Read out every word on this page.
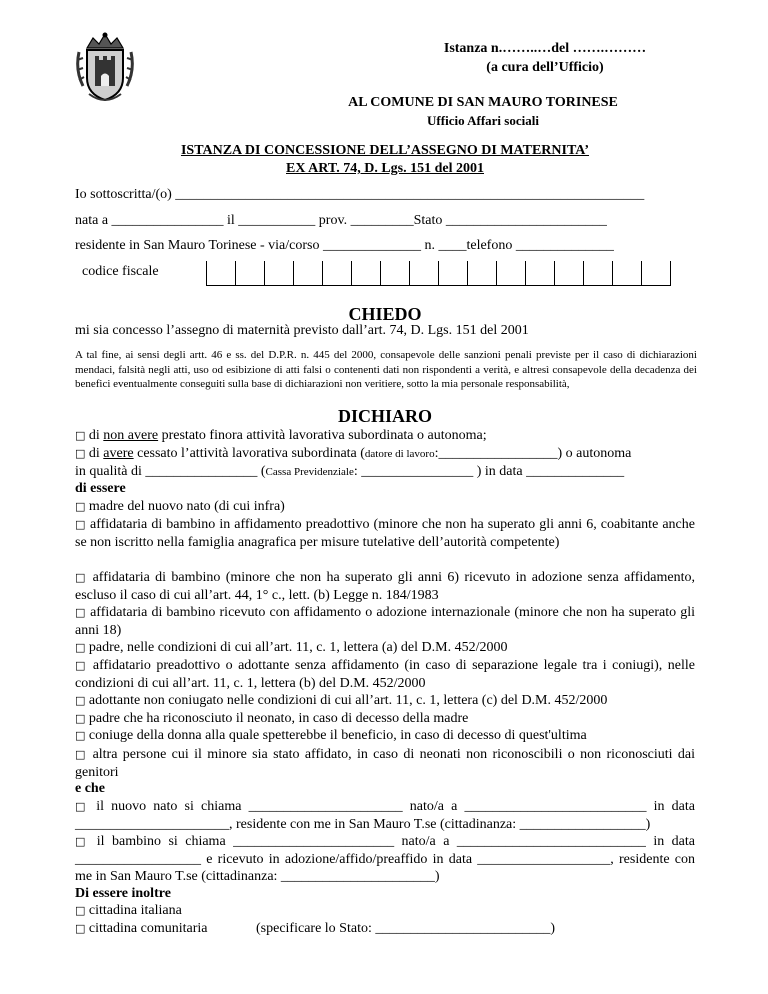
Istanza n.……..…del …….………
(a cura dell’Ufficio)
AL COMUNE DI SAN MAURO TORINESE
Ufficio Affari sociali
ISTANZA DI CONCESSIONE DELL’ASSEGNO DI MATERNITA’
EX ART. 74, D. Lgs. 151 del 2001
Io sottoscritta/(o) ___________________________________________________________________
nata a ________________ il ___________ prov. _________Stato _______________________
residente in San Mauro Torinese - via/corso ______________ n. ____telefono ______________
codice fiscale
CHIEDO
mi sia concesso l’assegno di maternità previsto dall’art. 74, D. Lgs. 151 del 2001
A tal fine, ai sensi degli artt. 46 e ss. del D.P.R. n. 445 del 2000, consapevole delle sanzioni penali previste per il caso di dichiarazioni mendaci, falsità negli atti, uso od esibizione di atti falsi o contenenti dati non rispondenti a verità, e altresì consapevole della decadenza dei benefici eventualmente conseguiti sulla base di dichiarazioni non veritiere, sotto la mia personale responsabilità,
DICHIARO
□ di non avere prestato finora attività lavorativa subordinata o autonoma;
□ di avere cessato l’attività lavorativa subordinata (datore di lavoro:_________________) o autonoma
in qualità di ________________ (Cassa Previdenziale: ________________ ) in data ______________
di essere
□ madre del nuovo nato (di cui infra)
□ affidataria di bambino in affidamento preadottivo (minore che non ha superato gli anni 6, coabitante anche se non iscritto nella famiglia anagrafica per misure tutelative dell’autorità competente)
□ affidataria di bambino (minore che non ha superato gli anni 6) ricevuto in adozione senza affidamento, escluso il caso di cui all’art. 44, 1° c., lett. (b) Legge n. 184/1983
□ affidataria di bambino ricevuto con affidamento o adozione internazionale (minore che non ha superato gli anni 18)
□ padre, nelle condizioni di cui all’art. 11, c. 1, lettera (a) del D.M. 452/2000
□ affidatario preadottivo o adottante senza affidamento (in caso di separazione legale tra i coniugi), nelle condizioni di cui all’art. 11, c. 1, lettera (b) del D.M. 452/2000
□ adottante non coniugato nelle condizioni di cui all’art. 11, c. 1, lettera (c) del D.M. 452/2000
□ padre che ha riconosciuto il neonato, in caso di decesso della madre
□ coniuge della donna alla quale spetterebbe il beneficio, in caso di decesso di quest'ultima
□ altra persone cui il minore sia stato affidato, in caso di neonati non riconoscibili o non riconosciuti dai genitori
e che
□ il nuovo nato si chiama ______________________ nato/a a __________________________ in data ______________________, residente con me in San Mauro T.se (cittadinanza: __________________)
□ il bambino si chiama _______________________ nato/a a ___________________________ in data __________________ e ricevuto in adozione/affido/preaffido in data ___________________, residente con me in San Mauro T.se (cittadinanza: ______________________)
Di essere inoltre
□ cittadina italiana
□ cittadina comunitaria	(specificare lo Stato: _________________________)
